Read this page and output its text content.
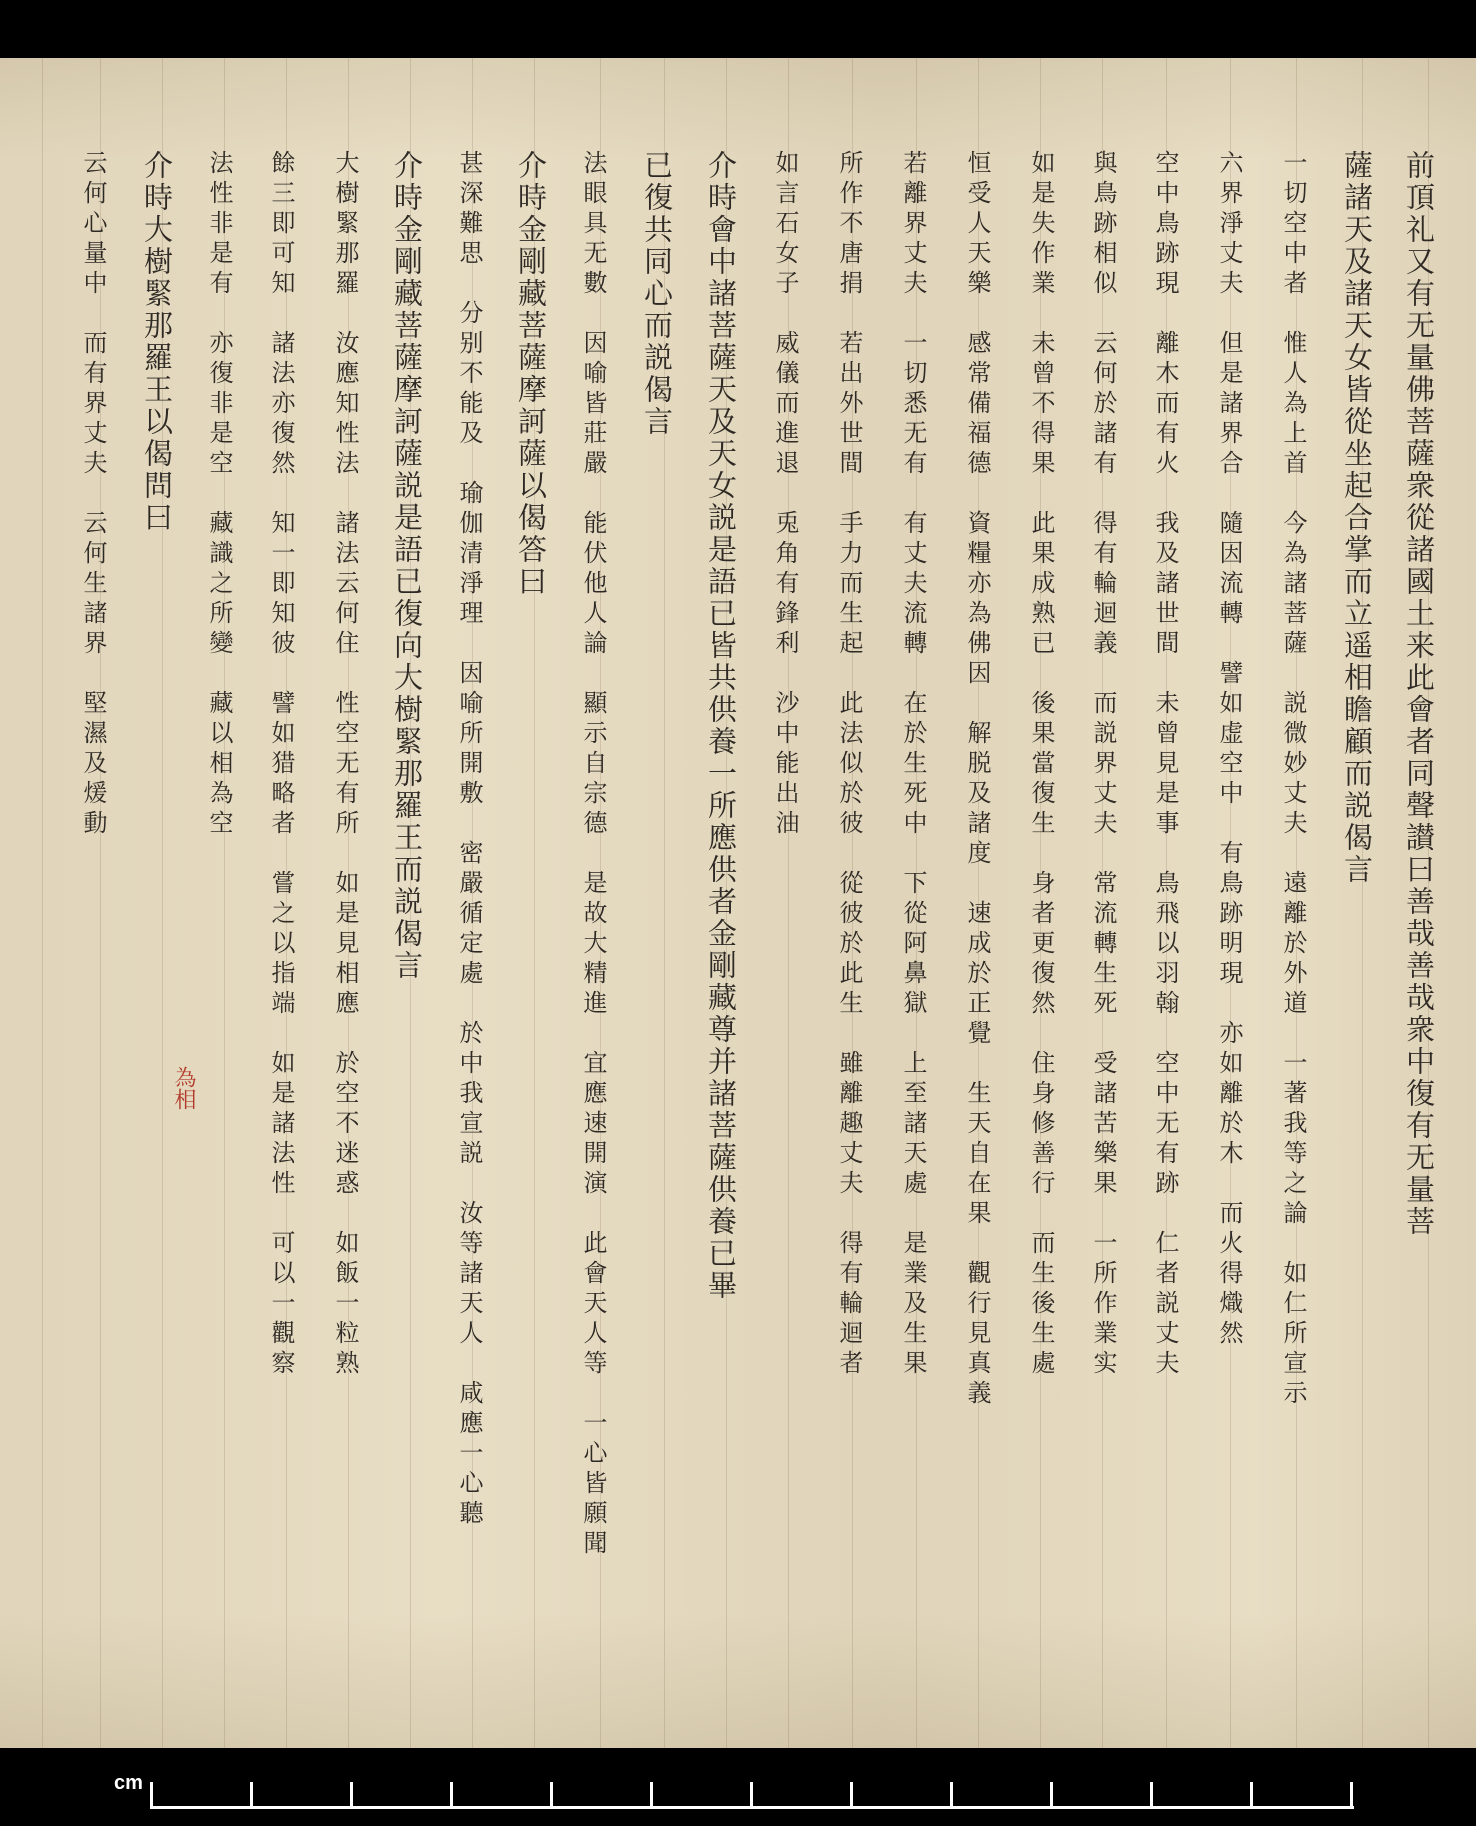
前頂礼又有无量佛菩薩衆從諸國土来此會者同聲讃曰善哉善哉衆中復有无量菩
薩諸天及諸天女皆從坐起合掌而立遥相瞻顧而説偈言
一切空中者　惟人為上首　今為諸菩薩　説微妙丈夫　遠離於外道　一著我等之論　如仁所宣示
六界淨丈夫　但是諸界合　隨因流轉　譬如虚空中　有鳥跡明現　亦如離於木　而火得熾然
空中鳥跡現　離木而有火　我及諸世間　未曾見是事　鳥飛以羽翰　空中无有跡　仁者説丈夫
與鳥跡相似　云何於諸有　得有輪迴義　而説界丈夫　常流轉生死　受諸苦樂果　一所作業实
如是失作業　未曾不得果　此果成熟已　後果當復生　身者更復然　住身修善行　而生後生處
恒受人天樂　感常備福德　資糧亦為佛因　解脱及諸度　速成於正覺　生天自在果　觀行見真義
若離界丈夫　一切悉无有　有丈夫流轉　在於生死中　下從阿鼻獄　上至諸天處　是業及生果
所作不唐捐　若出外世間　手力而生起　此法似於彼　從彼於此生　雖離趣丈夫　得有輪迴者
如言石女子　威儀而進退　兎角有鋒利　沙中能出油
介時會中諸菩薩天及天女説是語已皆共供養一所應供者金剛藏尊并諸菩薩供養已畢
已復共同心而説偈言
法眼具无數　因喻皆莊嚴　能伏他人論　顯示自宗德　是故大精進　宜應速開演　此會天人等　一心皆願聞
介時金剛藏菩薩摩訶薩以偈答曰
甚深難思　分别不能及　瑜伽清淨理　因喻所開敷　密嚴循定處　於中我宣説　汝等諸天人　咸應一心聽
介時金剛藏菩薩摩訶薩説是語已復向大樹緊那羅王而説偈言
大樹緊那羅　汝應知性法　諸法云何住　性空无有所　如是見相應　於空不迷惑　如飯一粒熟
餘三即可知　諸法亦復然　知一即知彼　譬如猎略者　嘗之以指端　如是諸法性　可以一觀察
法性非是有　亦復非是空　藏識之所變　藏以相為空
介時大樹緊那羅王以偈問曰
云何心量中　而有界丈夫　云何生諸界　堅濕及煖動
為相
cm
